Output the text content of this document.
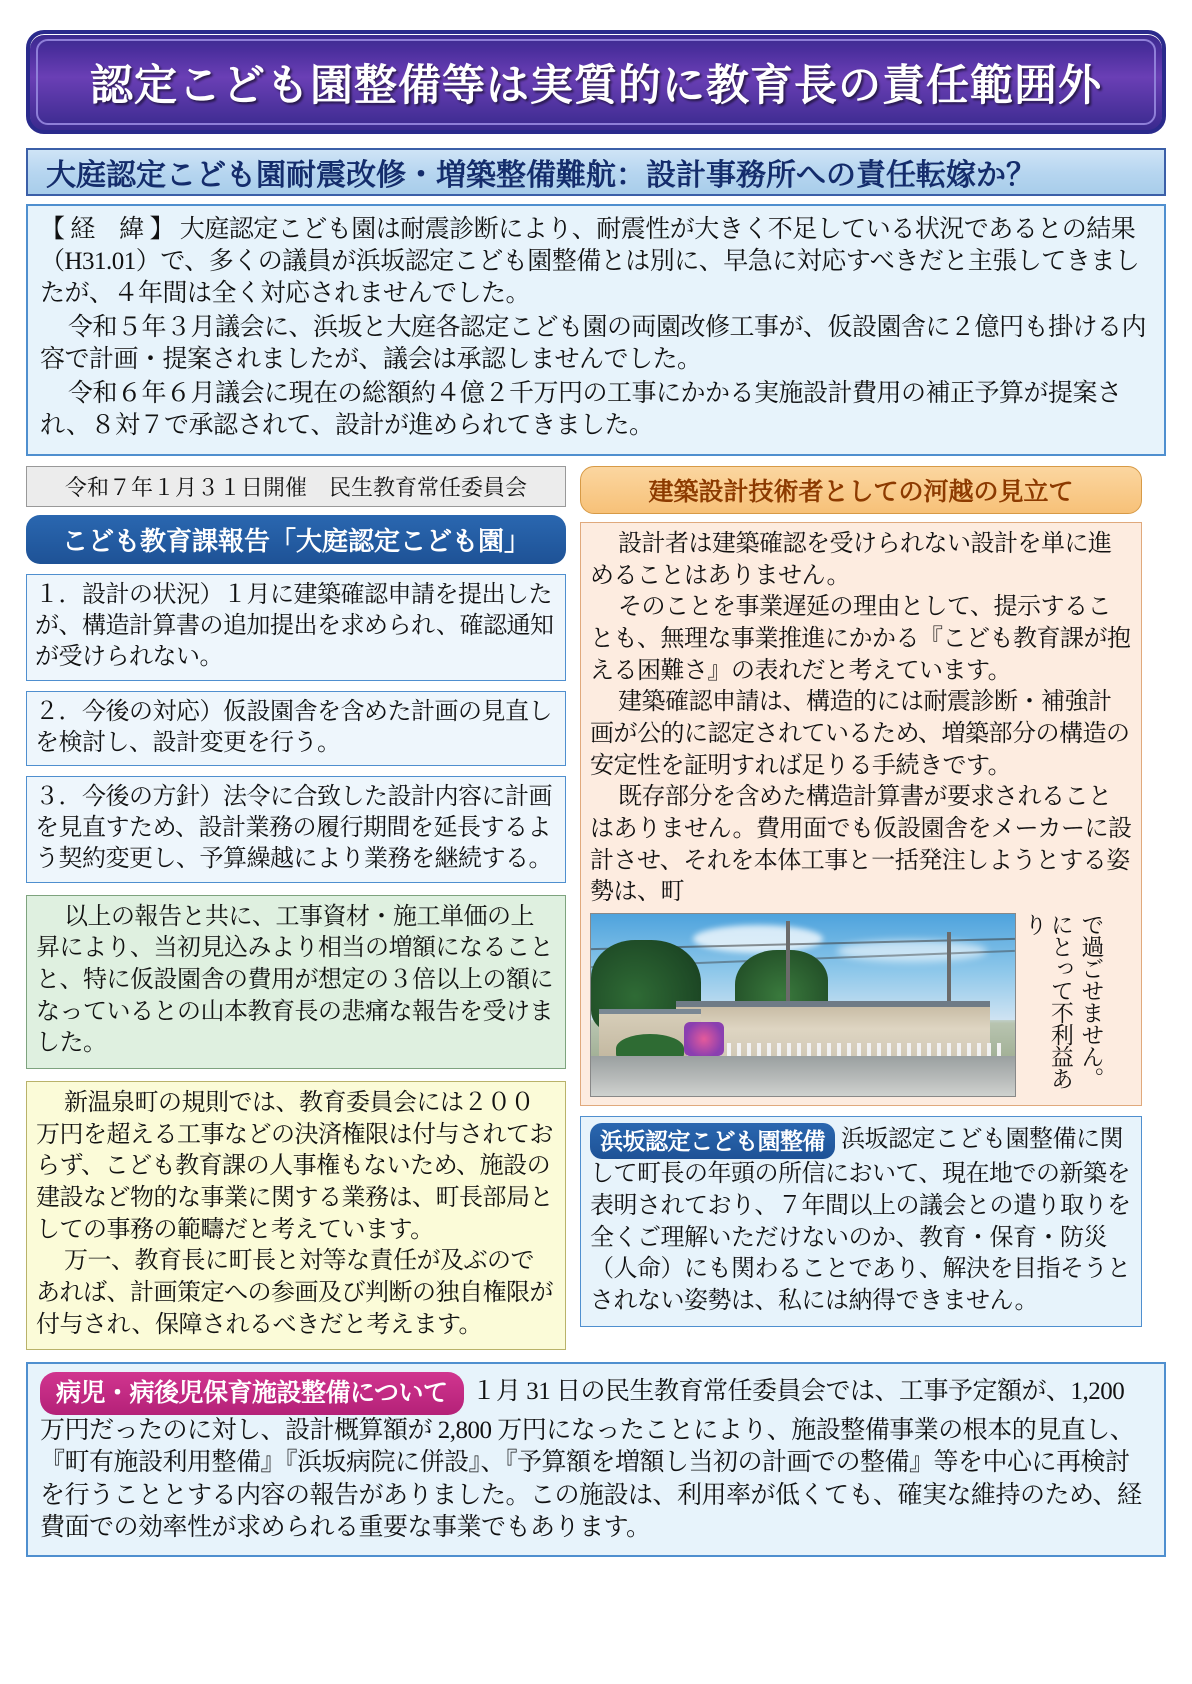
認定こども園整備等は実質的に教育長の責任範囲外
大庭認定こども園耐震改修・増築整備難航：設計事務所への責任転嫁か？

【 経　緯 】 大庭認定こども園は耐震診断により、耐震性が大きく不足している状況であるとの結果（H31.01）で、多くの議員が浜坂認定こども園整備とは別に、早急に対応すべきだと主張してきましたが、４年間は全く対応されませんでした。

令和５年３月議会に、浜坂と大庭各認定こども園の両園改修工事が、仮設園舎に２億円も掛ける内容で計画・提案されましたが、議会は承認しませんでした。

令和６年６月議会に現在の総額約４億２千万円の工事にかかる実施設計費用の補正予算が提案され、８対７で承認されて、設計が進められてきました。

令和７年１月３１日開催　民生教育常任委員会
こども教育課報告「大庭認定こども園」

１．設計の状況）１月に建築確認申請を提出したが、構造計算書の追加提出を求められ、確認通知が受けられない。

２．今後の対応）仮設園舎を含めた計画の見直しを検討し、設計変更を行う。

３．今後の方針）法令に合致した設計内容に計画を見直すため、設計業務の履行期間を延長するよう契約変更し、予算繰越により業務を継続する。

以上の報告と共に、工事資材・施工単価の上昇により、当初見込みより相当の増額になることと、特に仮設園舎の費用が想定の３倍以上の額になっているとの山本教育長の悲痛な報告を受けました。

新温泉町の規則では、教育委員会には２００万円を超える工事などの決済権限は付与されておらず、こども教育課の人事権もないため、施設の建設など物的な事業に関する業務は、町長部局としての事務の範疇だと考えています。

万一、教育長に町長と対等な責任が及ぶのであれば、計画策定への参画及び判断の独自権限が付与され、保障されるべきだと考えます。

建築設計技術者としての河越の見立て

設計者は建築確認を受けられない設計を単に進めることはありません。

そのことを事業遅延の理由として、提示することも、無理な事業推進にかかる『こども教育課が抱える困難さ』の表れだと考えています。

建築確認申請は、構造的には耐震診断・補強計画が公的に認定されているため、増築部分の構造の安定性を証明すれば足りる手続きです。

既存部分を含めた構造計算書が要求されることはありません。費用面でも仮設園舎をメーカーに設計させ、それを本体工事と一括発注しようとする姿勢は、町

にとって不利益あり	で過ごせません。

浜坂認定こども園整備 浜坂認定こども園整備に関して町長の年頭の所信において、現在地での新築を表明されており、７年間以上の議会との遣り取りを全くご理解いただけないのか、教育・保育・防災（人命）にも関わることであり、解決を目指そうとされない姿勢は、私には納得できません。

病児・病後児保育施設整備について １月 31 日の民生教育常任委員会では、工事予定額が、1,200 万円だったのに対し、設計概算額が 2,800 万円になったことにより、施設整備事業の根本的見直し、『町有施設利用整備』『浜坂病院に併設』、『予算額を増額し当初の計画での整備』等を中心に再検討を行うこととする内容の報告がありました。この施設は、利用率が低くても、確実な維持のため、経費面での効率性が求められる重要な事業でもあります。
